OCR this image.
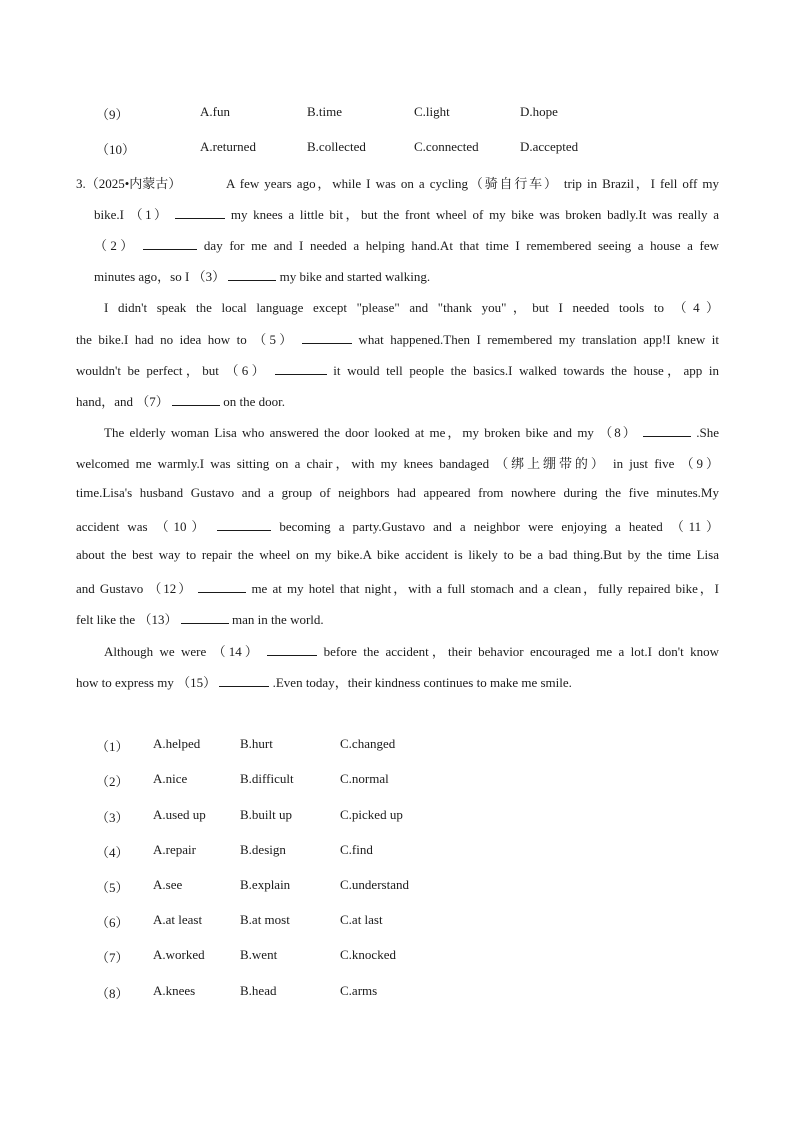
（9）	A.fun	B.time	C.light	D.hope
（10）	A.returned	B.collected	C.connected	D.accepted
3.（2025•内蒙古）	A few years ago，while I was on a cycling（骑自行车） trip in Brazil，I fell off my
bike.I （1）	my knees a little bit，but the front wheel of my bike was broken badly.It was really a
（2）	day for me and I needed a helping hand.At that time I remembered seeing a house a few
minutes ago，so I （3）	my bike and started walking.
I didn't speak the local language except "please" and "thank you"，but I needed tools to （4）
the bike.I had no idea how to （5）	what happened.Then I remembered my translation app!I knew it
wouldn't be perfect，but （6）	it would tell people the basics.I walked towards the house，app in
hand，and （7）	on the door.
The elderly woman Lisa who answered the door looked at me，my broken bike and my （8）	.She
welcomed me warmly.I was sitting on a chair，with my knees bandaged （绑上绷带的） in just five （9）
time.Lisa's husband Gustavo and a group of neighbors had appeared from nowhere during the five minutes.My
accident was （10）	becoming a party.Gustavo and a neighbor were enjoying a heated （11）
about the best way to repair the wheel on my bike.A bike accident is likely to be a bad thing.But by the time Lisa
and Gustavo （12）	me at my hotel that night，with a full stomach and a clean，fully repaired bike，I
felt like the （13）	man in the world.
Although we were （14）	before the accident，their behavior encouraged me a lot.I don't know
how to express my （15）	.Even today，their kindness continues to make me smile.
（1） A.helped	B.hurt	C.changed
（2） A.nice	B.difficult	C.normal
（3） A.used up	B.built up	C.picked up
（4） A.repair	B.design	C.find
（5） A.see	B.explain	C.understand
（6） A.at least	B.at most	C.at last
（7） A.worked	B.went	C.knocked
（8） A.knees	B.head	C.arms
